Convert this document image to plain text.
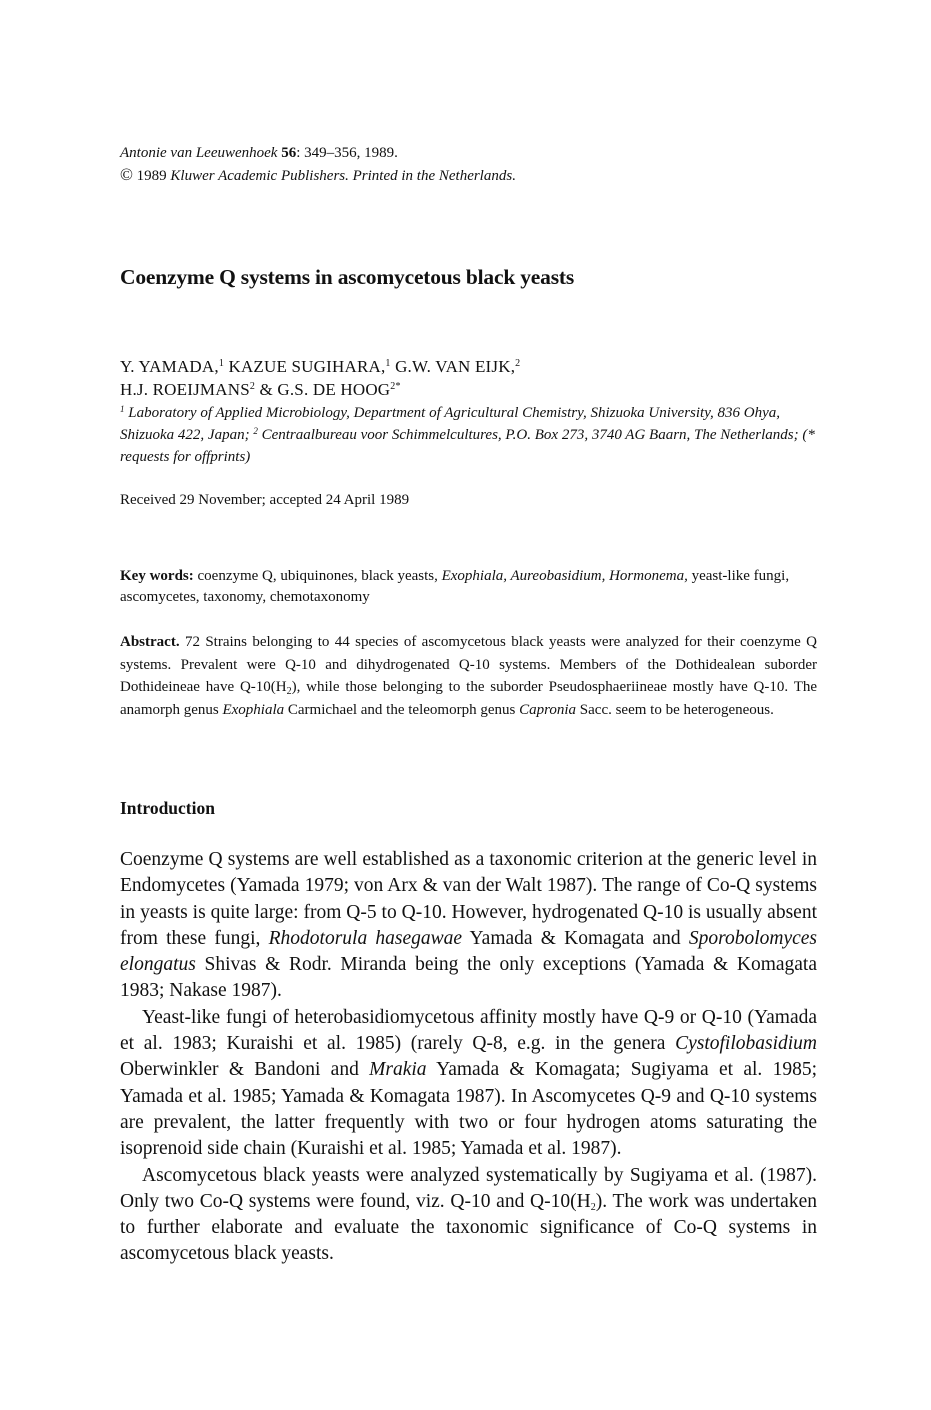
Antonie van Leeuwenhoek 56: 349–356, 1989.
© 1989 Kluwer Academic Publishers. Printed in the Netherlands.
Coenzyme Q systems in ascomycetous black yeasts
Y. YAMADA,$^1$ KAZUE SUGIHARA,$^1$ G.W. VAN EIJK,$^2$
H.J. ROEIJMANS$^2$ & G.S. DE $HOOG^{2*}$
$^1$ Laboratory of Applied Microbiology, Department of Agricultural Chemistry, Shizuoka University, 836 Ohya, Shizuoka 422, Japan; $^2$ Centraalbureau voor Schimmelcultures, P.O. Box 273, 3740 AG Baarn, The Netherlands; (* requests for offprints)
Received 29 November; accepted 24 April 1989
Key words: coenzyme Q, ubiquinones, black yeasts, Exophiala, Aureobasidium, Hormonema, yeast-like fungi, ascomycetes, taxonomy, chemotaxonomy
Abstract. 72 Strains belonging to 44 species of ascomycetous black yeasts were analyzed for their coenzyme Q systems. Prevalent were Q-10 and dihydrogenated Q-10 systems. Members of the Dothidealean suborder Dothideineae have $Q-10(H_2)$, while those belonging to the suborder Pseudosphaeriineae mostly have Q-10. The anamorph genus Exophiala Carmichael and the teleomorph genus Capronia Sacc. seem to be heterogeneous.
Introduction

Coenzyme Q systems are well established as a taxonomic criterion at the generic level in Endomycetes (Yamada 1979; von Arx & van der Walt 1987). The range of Co-Q systems in yeasts is quite large: from Q-5 to Q-10. However, hydrogenated Q-10 is usually absent from these fungi, Rhodotorula hasegawae Yamada & Komagata and Sporobolomyces elongatus Shivas & Rodr. Miranda being the only exceptions (Yamada & Komagata 1983; Nakase 1987).

Yeast-like fungi of heterobasidiomycetous affinity mostly have Q-9 or Q-10 (Yamada et al. 1983; Kuraishi et al. 1985) (rarely Q-8, e.g. in the genera Cystofilobasidium Oberwinkler & Bandoni and Mrakia Yamada & Komagata; Sugiyama et al. 1985; Yamada et al. 1985; Yamada & Komagata 1987). In Ascomycetes Q-9 and Q-10 systems are prevalent, the latter frequently with two or four hydrogen atoms saturating the isoprenoid side chain (Kuraishi et al. 1985; Yamada et al. 1987).

Ascomycetous black yeasts were analyzed systematically by Sugiyama et al. (1987). Only two Co-Q systems were found, viz. Q-10 and $Q-10(H_2)$. The work was undertaken to further elaborate and evaluate the taxonomic significance of Co-Q systems in ascomycetous black yeasts.
